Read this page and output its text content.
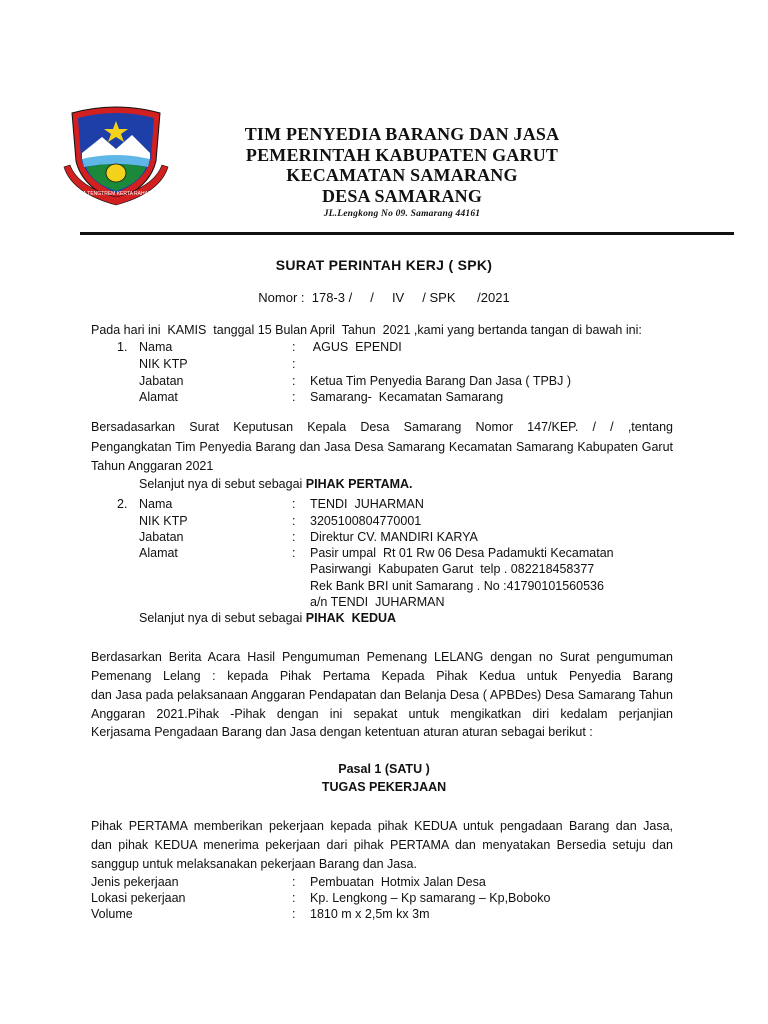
TATA TENGTREM KERTA RAHARJA
TIM PENYEDIA BARANG DAN JASA
PEMERINTAH KABUPATEN GARUT
KECAMATAN SAMARANG
DESA SAMARANG
JL.Lengkong No 09. Samarang 44161
SURAT PERINTAH KERJ ( SPK)
Nomor :  178-3 /     /     IV     / SPK      /2021
Pada hari ini  KAMIS  tanggal 15 Bulan April  Tahun  2021 ,kami yang bertanda tangan di bawah ini:
1. Nama	: AGUS  EPENDI
NIK KTP	:
Jabatan	: Ketua Tim Penyedia Barang Dan Jasa ( TPBJ )
Alamat	: Samarang-  Kecamatan Samarang
Bersadasarkan Surat Keputusan Kepala Desa Samarang Nomor 147/KEP. / / ,tentang
Pengangkatan Tim Penyedia Barang dan Jasa Desa Samarang Kecamatan Samarang Kabupaten Garut
Tahun Anggaran 2021
Selanjut nya di sebut sebagai PIHAK PERTAMA.
2. Nama	: TENDI  JUHARMAN
NIK KTP	: 3205100804770001
Jabatan	: Direktur CV. MANDIRI KARYA
Alamat	: Pasir umpal  Rt 01 Rw 06 Desa Padamukti Kecamatan
Pasirwangi  Kabupaten Garut  telp . 082218458377
Rek Bank BRI unit Samarang . No :41790101560536
a/n TENDI  JUHARMAN
Selanjut nya di sebut sebagai PIHAK  KEDUA
Berdasarkan Berita Acara Hasil Pengumuman Pemenang LELANG dengan no Surat pengumuman
Pemenang Lelang : kepada Pihak Pertama Kepada Pihak Kedua untuk Penyedia Barang
dan Jasa pada pelaksanaan Anggaran Pendapatan dan Belanja Desa ( APBDes) Desa Samarang Tahun
Anggaran 2021.Pihak -Pihak dengan ini sepakat untuk mengikatkan diri kedalam perjanjian
Kerjasama Pengadaan Barang dan Jasa dengan ketentuan aturan aturan sebagai berikut :
Pasal 1 (SATU )
TUGAS PEKERJAAN
Pihak PERTAMA memberikan pekerjaan kepada pihak KEDUA untuk pengadaan Barang dan Jasa,
dan pihak KEDUA menerima pekerjaan dari pihak PERTAMA dan menyatakan Bersedia setuju dan
sanggup untuk melaksanakan pekerjaan Barang dan Jasa.
Jenis pekerjaan	: Pembuatan  Hotmix Jalan Desa
Lokasi pekerjaan	: Kp. Lengkong – Kp samarang – Kp,Boboko
Volume	: 1810 m x 2,5m kx 3m
